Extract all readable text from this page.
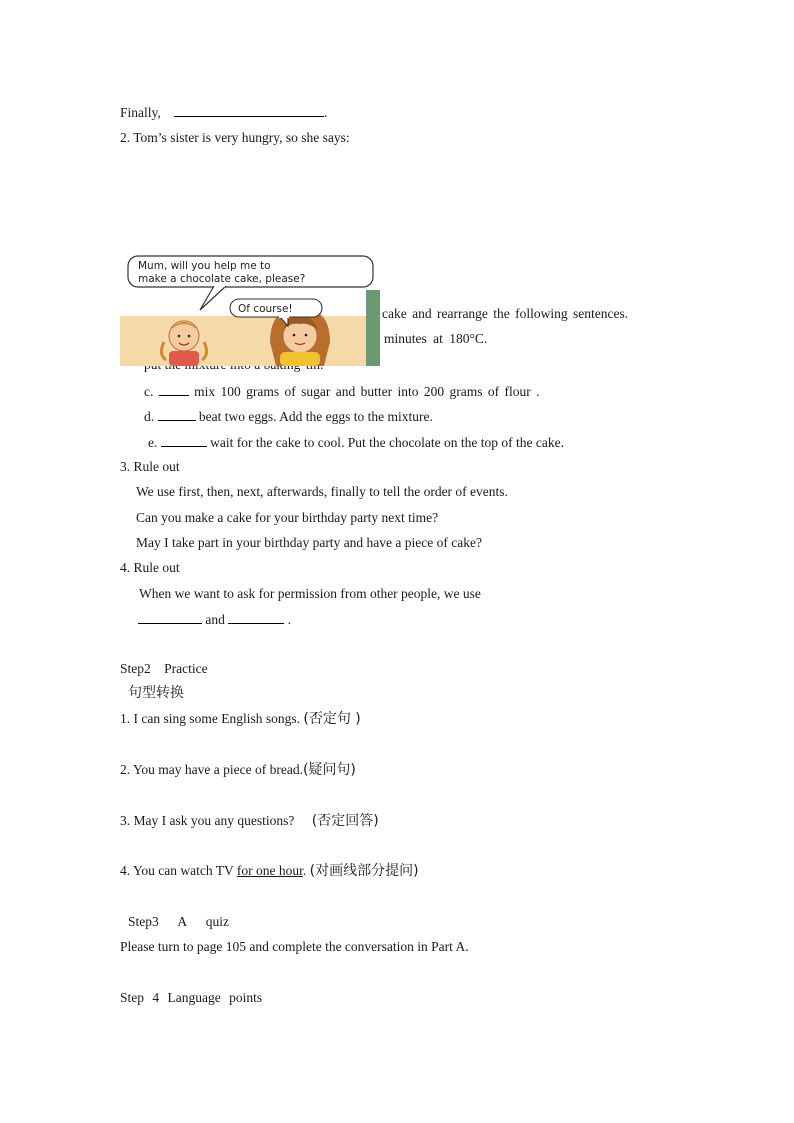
Finally,	.
2. Tom’s sister is very hungry, so she says:
cake and rearrange the following sentences.
minutes at 180°C.
Mum, will you help me to
make a chocolate cake, please?
Of course!
c.	mix 100 grams of sugar and butter into 200 grams of flour .
d.	beat two eggs. Add the eggs to the mixture.
e.	wait for the cake to cool. Put the chocolate on the top of the cake.
3. Rule out
We use first, then, next, afterwards, finally to tell the order of events.
Can you make a cake for your birthday party next time?
May I take part in your birthday party and have a piece of cake?
4. Rule out
When we want to ask for permission from other people, we use
and	.
Step2 Practice
句型转换
1. I can sing some English songs. (否定句 )
2. You may have a piece of bread.(疑问句)
3. May I ask you any questions? (否定回答)
4. You can watch TV for one hour. (对画线部分提问)
Step3 A quiz
Please turn to page 105 and complete the conversation in Part A.
Step 4 Language points
